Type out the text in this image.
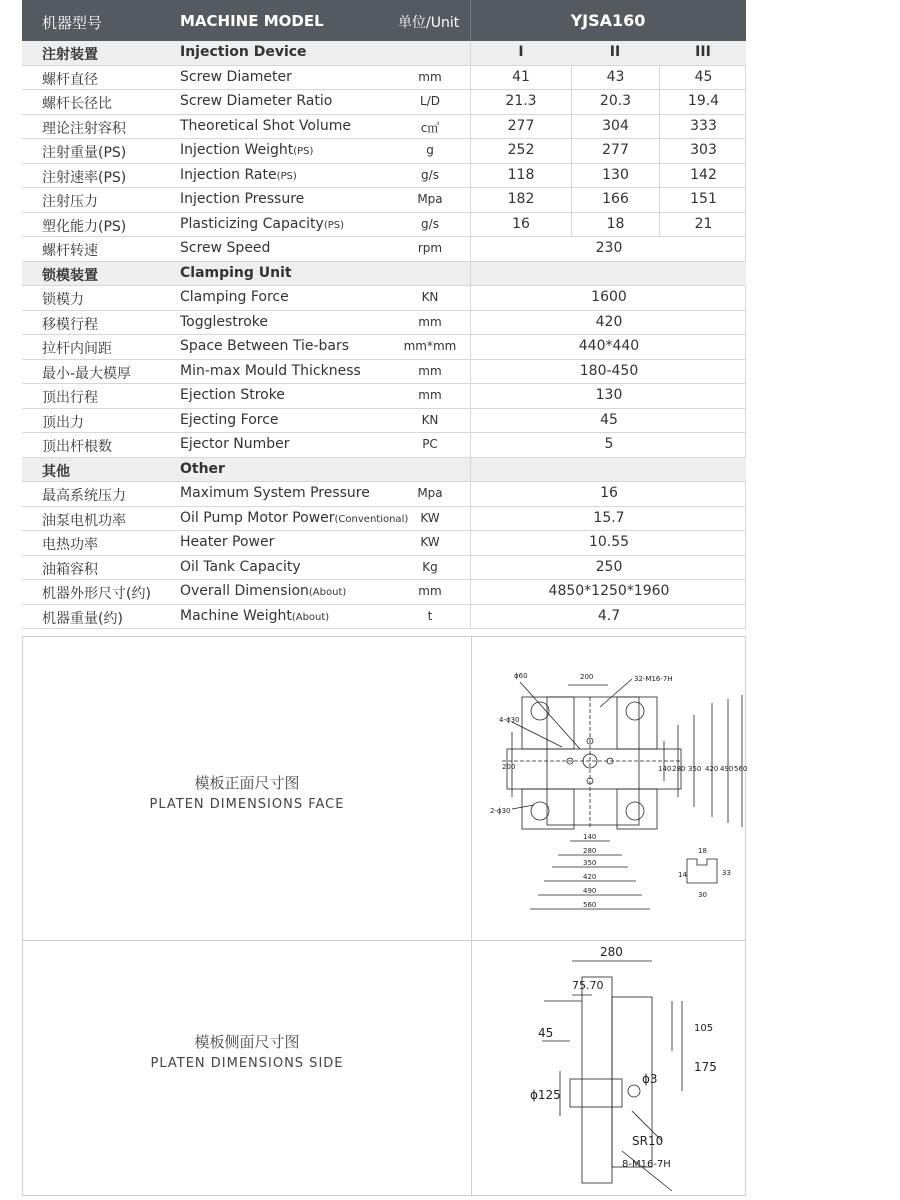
机器型号	MACHINE MODEL	单位/Unit	YJSA160
注射装置	Injection Device	I	II	III
螺杆直径	Screw Diameter	mm	41	43	45
螺杆长径比	Screw Diameter Ratio	L/D	21.3	20.3	19.4
理论注射容积	Theoretical Shot Volume	c㎥	277	304	333
注射重量(PS)	Injection Weight(PS)	g	252	277	303
注射速率(PS)	Injection Rate(PS)	g/s	118	130	142
注射压力	Injection Pressure	Mpa	182	166	151
塑化能力(PS)	Plasticizing Capacity(PS)	g/s	16	18	21
螺杆转速	Screw Speed	rpm	230
锁模装置	Clamping Unit
锁模力	Clamping Force	KN	1600
移模行程	Togglestroke	mm	420
拉杆内间距	Space Between Tie-bars	mm*mm	440*440
最小-最大模厚	Min-max Mould Thickness	mm	180-450
顶出行程	Ejection Stroke	mm	130
顶出力	Ejecting Force	KN	45
顶出杆根数	Ejector Number	PC	5
其他	Other
最高系统压力	Maximum System Pressure	Mpa	16
油泵电机功率	Oil Pump Motor Power(Conventional)	KW	15.7
电热功率	Heater Power	KW	10.55
油箱容积	Oil Tank Capacity	Kg	250
机器外形尺寸(约) Overall Dimension(About)	mm	4850*1250*1960
机器重量(约)	Machine Weight(About)	t	4.7
模板正面尺寸图
PLATEN DIMENSIONS FACE
模板侧面尺寸图
PLATEN DIMENSIONS SIDE
ϕ60	200	32-M16-7H
4-ϕ30
2-ϕ30
200	140 280 350 420 490 560
140
280
350
420
490
560
18
14	33
30
280
75.70
45	105
175
ϕ125
ϕ3
SR10
8-M16-7H
